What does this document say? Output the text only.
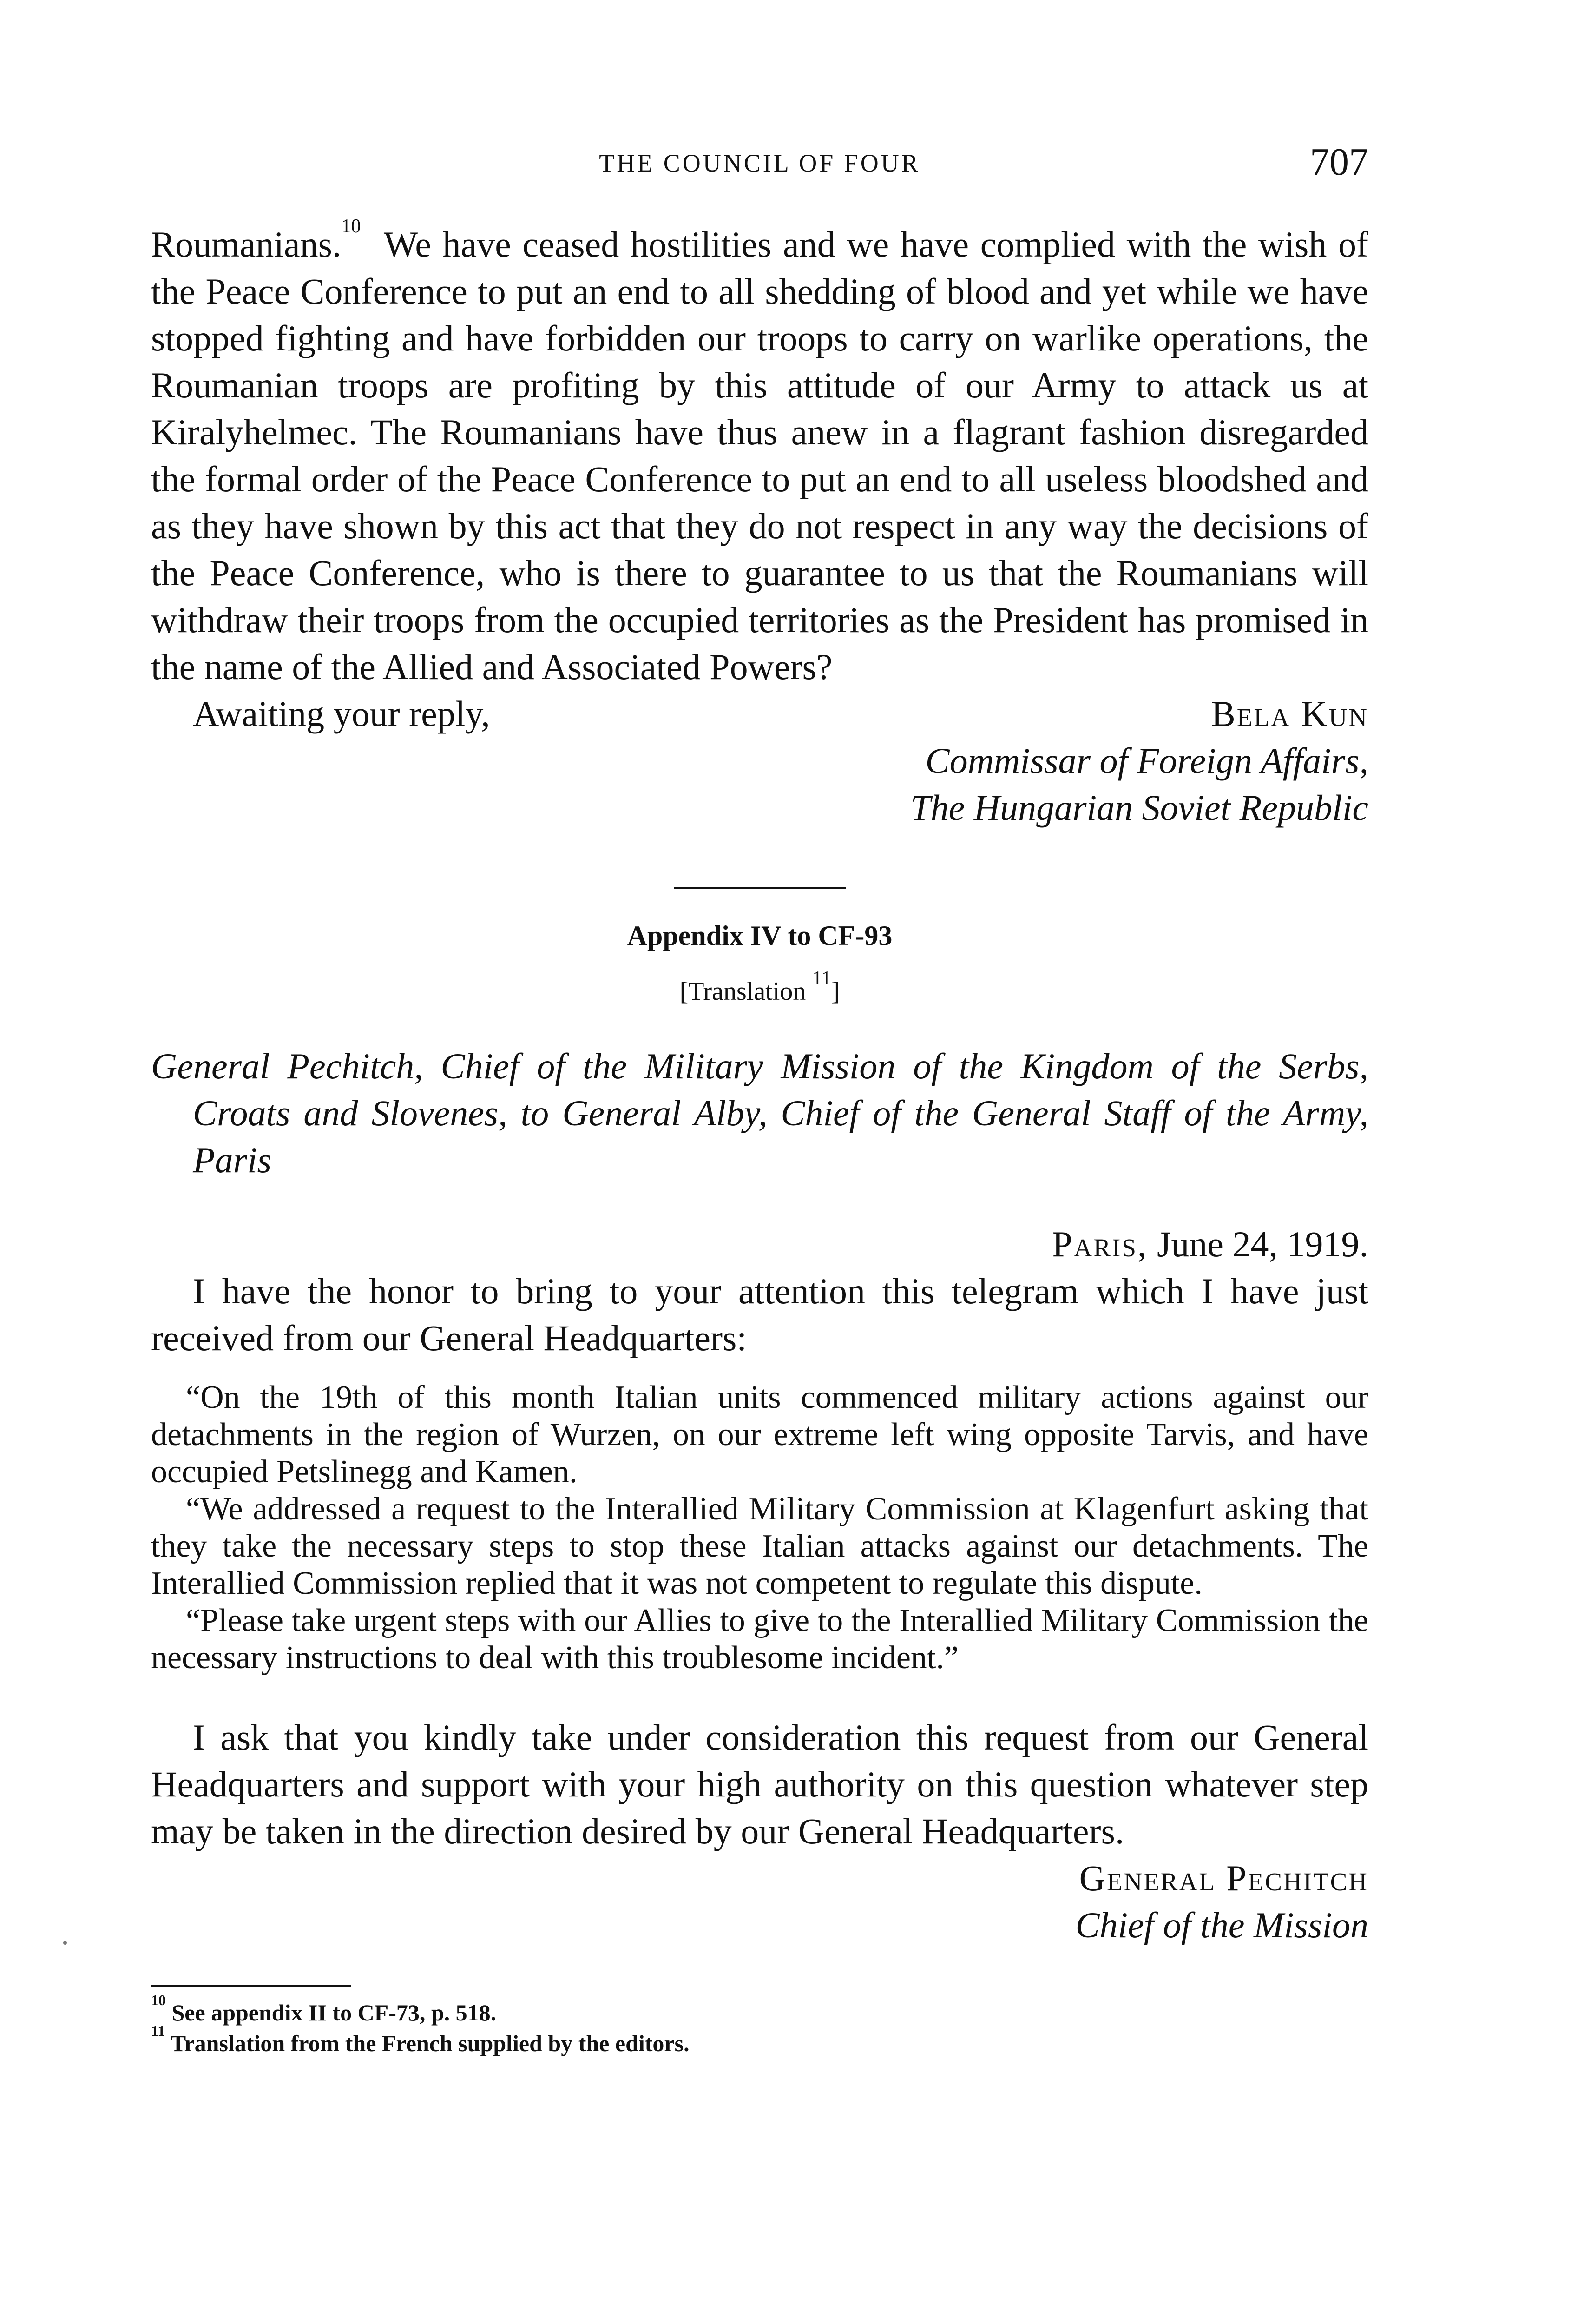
THE COUNCIL OF FOUR	707

Roumanians.$^{10}$ We have ceased hostilities and we have complied with the wish of the Peace Conference to put an end to all shedding of blood and yet while we have stopped fighting and have forbidden our troops to carry on warlike operations, the Roumanian troops are profiting by this attitude of our Army to attack us at Kiralyhelmec. The Roumanians have thus anew in a flagrant fashion disregarded the formal order of the Peace Conference to put an end to all useless bloodshed and as they have shown by this act that they do not respect in any way the decisions of the Peace Conference, who is there to guarantee to us that the Roumanians will withdraw their troops from the occupied territories as the President has promised in the name of the Allied and Associated Powers?

Awaiting your reply,	Bela Kun
Commissar of Foreign Affairs,
The Hungarian Soviet Republic
Appendix IV to CF-93
[Translation $^{11}$]
General Pechitch, Chief of the Military Mission of the Kingdom of the Serbs, Croats and Slovenes, to General Alby, Chief of the General Staff of the Army, Paris
Paris, June 24, 1919.

I have the honor to bring to your attention this telegram which I have just received from our General Headquarters:

“On the 19th of this month Italian units commenced military actions against our detachments in the region of Wurzen, on our extreme left wing opposite Tarvis, and have occupied Petslinegg and Kamen.

“We addressed a request to the Interallied Military Commission at Klagenfurt asking that they take the necessary steps to stop these Italian attacks against our detachments. The Interallied Commission replied that it was not competent to regulate this dispute.

“Please take urgent steps with our Allies to give to the Interallied Military Commission the necessary instructions to deal with this troublesome incident.”

I ask that you kindly take under consideration this request from our General Headquarters and support with your high authority on this question whatever step may be taken in the direction desired by our General Headquarters.

General Pechitch
Chief of the Mission
$^{10}$ See appendix II to CF-73, p. 518.
$^{11}$ Translation from the French supplied by the editors.
